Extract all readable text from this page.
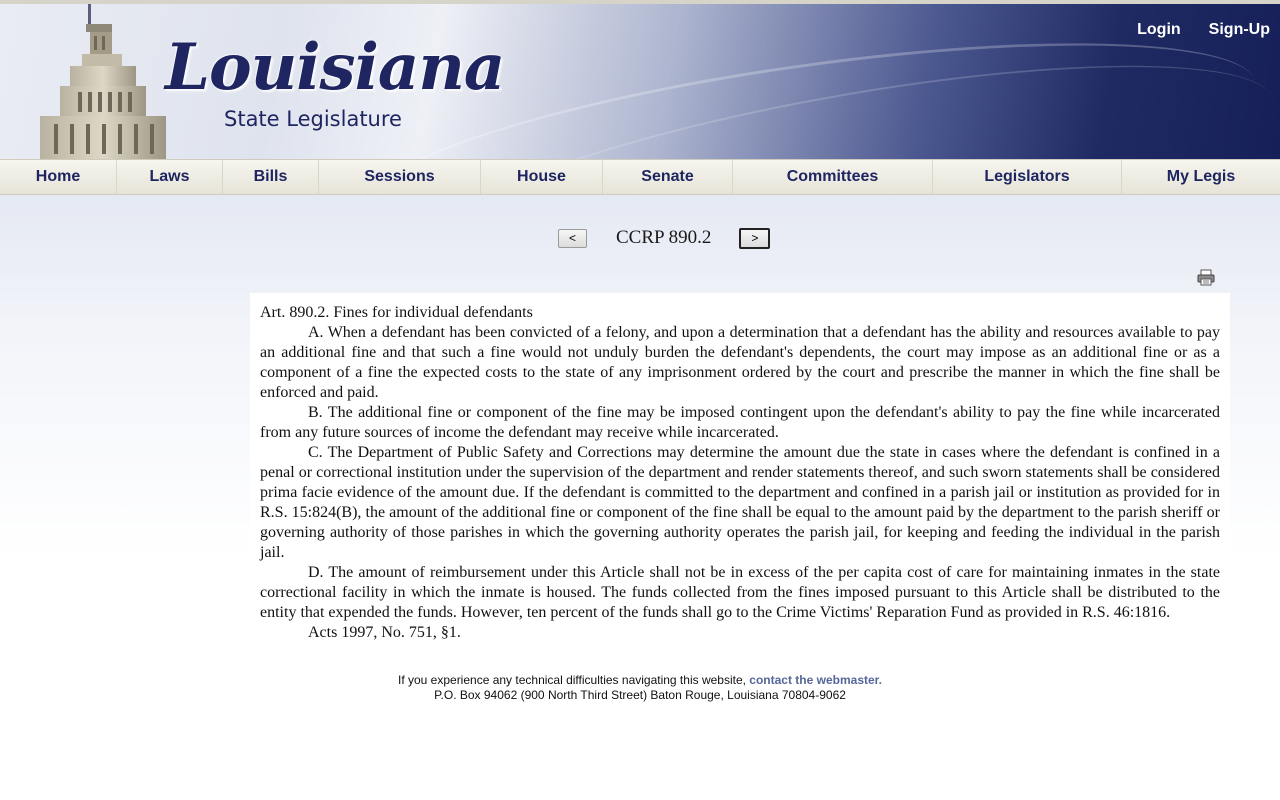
Louisiana
State Legislature
Login Sign-Up
Home	Laws	Bills	Sessions	House	Senate	Committees	Legislators	My Legis
<	CCRP 890.2	>

Art. 890.2. Fines for individual defendants

A. When a defendant has been convicted of a felony, and upon a determination that a defendant has the ability and resources available to pay an additional fine and that such a fine would not unduly burden the defendant's dependents, the court may impose as an additional fine or as a component of a fine the expected costs to the state of any imprisonment ordered by the court and prescribe the manner in which the fine shall be enforced and paid.

B. The additional fine or component of the fine may be imposed contingent upon the defendant's ability to pay the fine while incarcerated from any future sources of income the defendant may receive while incarcerated.

C. The Department of Public Safety and Corrections may determine the amount due the state in cases where the defendant is confined in a penal or correctional institution under the supervision of the department and render statements thereof, and such sworn statements shall be considered prima facie evidence of the amount due. If the defendant is committed to the department and confined in a parish jail or institution as provided for in R.S. 15:824(B), the amount of the additional fine or component of the fine shall be equal to the amount paid by the department to the parish sheriff or governing authority of those parishes in which the governing authority operates the parish jail, for keeping and feeding the individual in the parish jail.

D. The amount of reimbursement under this Article shall not be in excess of the per capita cost of care for maintaining inmates in the state correctional facility in which the inmate is housed. The funds collected from the fines imposed pursuant to this Article shall be distributed to the entity that expended the funds. However, ten percent of the funds shall go to the Crime Victims' Reparation Fund as provided in R.S. 46:1816.

Acts 1997, No. 751, §1.

If you experience any technical difficulties navigating this website, contact the webmaster.
P.O. Box 94062 (900 North Third Street) Baton Rouge, Louisiana 70804-9062
